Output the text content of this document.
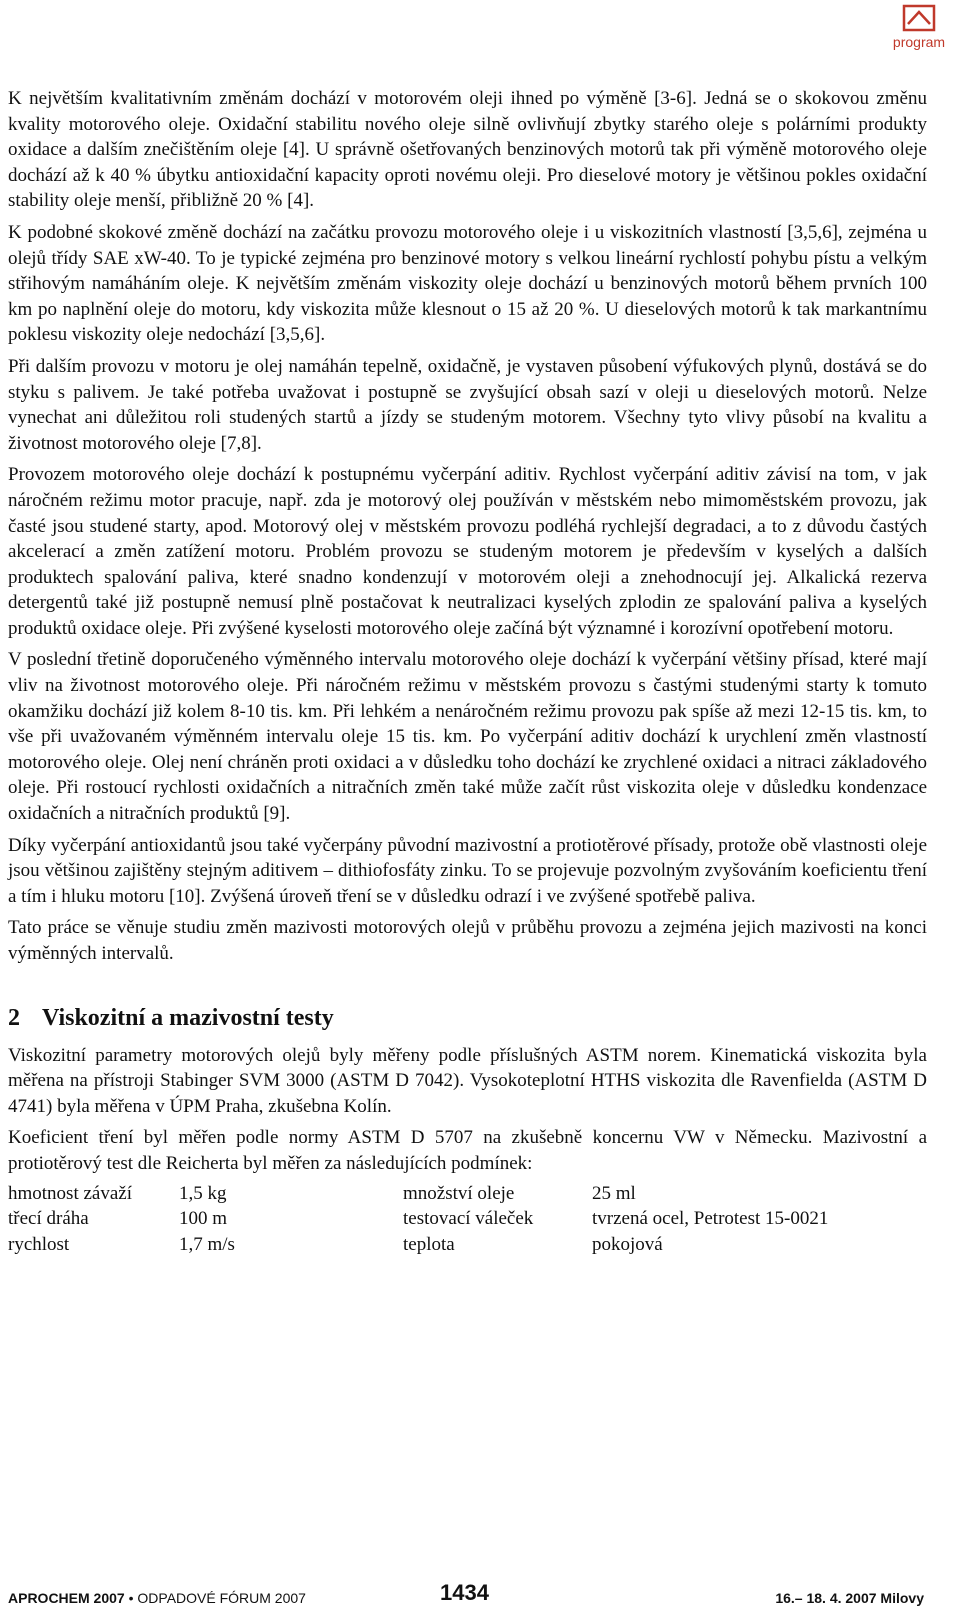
program

K největším kvalitativním změnám dochází v motorovém oleji ihned po výměně [3-6]. Jedná se o skokovou změnu kvality motorového oleje. Oxidační stabilitu nového oleje silně ovlivňují zbytky starého oleje s polárními produkty oxidace a dalším znečištěním oleje [4]. U správně ošetřovaných benzinových motorů tak při výměně motorového oleje dochází až k 40 % úbytku antioxidační kapacity oproti novému oleji. Pro dieselové motory je většinou pokles oxidační stability oleje menší, přibližně 20 % [4].

K podobné skokové změně dochází na začátku provozu motorového oleje i u viskozitních vlastností [3,5,6], zejména u olejů třídy SAE xW-40. To je typické zejména pro benzinové motory s velkou lineární rychlostí pohybu pístu a velkým střihovým namáháním oleje. K největším změnám viskozity oleje dochází u benzinových motorů během prvních 100 km po naplnění oleje do motoru, kdy viskozita může klesnout o 15 až 20 %. U dieselových motorů k tak markantnímu poklesu viskozity oleje nedochází [3,5,6].

Při dalším provozu v motoru je olej namáhán tepelně, oxidačně, je vystaven působení výfukových plynů, dostává se do styku s palivem. Je také potřeba uvažovat i postupně se zvyšující obsah sazí v oleji u dieselových motorů. Nelze vynechat ani důležitou roli studených startů a jízdy se studeným motorem. Všechny tyto vlivy působí na kvalitu a životnost motorového oleje [7,8].

Provozem motorového oleje dochází k postupnému vyčerpání aditiv. Rychlost vyčerpání aditiv závisí na tom, v jak náročném režimu motor pracuje, např. zda je motorový olej používán v městském nebo mimoměstském provozu, jak časté jsou studené starty, apod. Motorový olej v městském provozu podléhá rychlejší degradaci, a to z důvodu častých akcelerací a změn zatížení motoru. Problém provozu se studeným motorem je především v kyselých a dalších produktech spalování paliva, které snadno kondenzují v motorovém oleji a znehodnocují jej. Alkalická rezerva detergentů také již postupně nemusí plně postačovat k neutralizaci kyselých zplodin ze spalování paliva a kyselých produktů oxidace oleje. Při zvýšené kyselosti motorového oleje začíná být významné i korozívní opotřebení motoru.

V poslední třetině doporučeného výměnného intervalu motorového oleje dochází k vyčerpání většiny přísad, které mají vliv na životnost motorového oleje. Při náročném režimu v městském provozu s častými studenými starty k tomuto okamžiku dochází již kolem 8-10 tis. km. Při lehkém a nenáročném režimu provozu pak spíše až mezi 12-15 tis. km, to vše při uvažovaném výměnném intervalu oleje 15 tis. km. Po vyčerpání aditiv dochází k urychlení změn vlastností motorového oleje. Olej není chráněn proti oxidaci a v důsledku toho dochází ke zrychlené oxidaci a nitraci základového oleje. Při rostoucí rychlosti oxidačních a nitračních změn také může začít růst viskozita oleje v důsledku kondenzace oxidačních a nitračních produktů [9].

Díky vyčerpání antioxidantů jsou také vyčerpány původní mazivostní a protiotěrové přísady, protože obě vlastnosti oleje jsou většinou zajištěny stejným aditivem – dithiofosfáty zinku. To se projevuje pozvolným zvyšováním koeficientu tření a tím i hluku motoru [10]. Zvýšená úroveň tření se v důsledku odrazí i ve zvýšené spotřebě paliva.

Tato práce se věnuje studiu změn mazivosti motorových olejů v průběhu provozu a zejména jejich mazivosti na konci výměnných intervalů.

2 Viskozitní a mazivostní testy

Viskozitní parametry motorových olejů byly měřeny podle příslušných ASTM norem. Kinematická viskozita byla měřena na přístroji Stabinger SVM 3000 (ASTM D 7042). Vysokoteplotní HTHS viskozita dle Ravenfielda (ASTM D 4741) byla měřena v ÚPM Praha, zkušebna Kolín.

Koeficient tření byl měřen podle normy ASTM D 5707 na zkušebně koncernu VW v Německu. Mazivostní a protiotěrový test dle Reicherta byl měřen za následujících podmínek:

hmotnost závaží	1,5 kg	množství oleje	25 ml
třecí dráha	100 m	testovací váleček	tvrzená ocel, Petrotest 15-0021
rychlost	1,7 m/s	teplota	pokojová
APROCHEM 2007 • ODPADOVÉ FÓRUM 2007	1434	16.– 18. 4. 2007 Milovy
